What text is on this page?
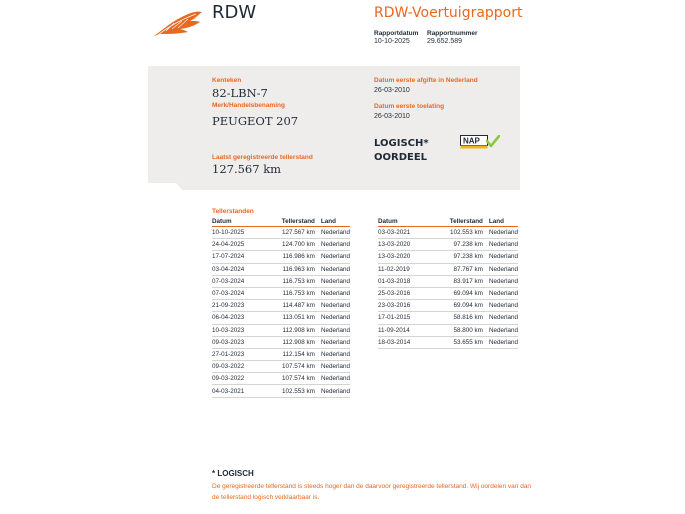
RDW	RDW-Voertuigrapport
Rapportdatum
10-10-2025
Rapportnummer
29.652.589
Kenteken
82-LBN-7
Merk/Handelsbenaming
PEUGEOT 207
Laatst geregistreerde tellerstand
127.567 km
Datum eerste afgifte in Nederland
26-03-2010
Datum eerste toelating
26-03-2010
LOGISCH*
OORDEEL
NAP
Tellerstanden
Datum	Tellerstand	Land
10-10-2025	127.567 km	Nederland
24-04-2025	124.700 km	Nederland
17-07-2024	116.986 km	Nederland
03-04-2024	116.963 km	Nederland
07-03-2024	116.753 km	Nederland
07-03-2024	116.753 km	Nederland
21-09-2023	114.487 km	Nederland
06-04-2023	113.051 km	Nederland
10-03-2023	112.908 km	Nederland
09-03-2023	112.908 km	Nederland
27-01-2023	112.154 km	Nederland
09-03-2022	107.574 km	Nederland
09-03-2022	107.574 km	Nederland
04-03-2021	102.553 km	Nederland
Datum	Tellerstand	Land
03-03-2021	102.553 km	Nederland
13-03-2020	97.238 km	Nederland
13-03-2020	97.238 km	Nederland
11-02-2019	87.767 km	Nederland
01-03-2018	83.917 km	Nederland
25-03-2016	69.094 km	Nederland
23-03-2016	69.094 km	Nederland
17-01-2015	58.816 km	Nederland
11-09-2014	58.800 km	Nederland
18-03-2014	53.655 km	Nederland
* LOGISCH
De geregistreerde tellerstand is steeds hoger dan de daarvoor geregistreerde tellerstand. Wij oordelen van dan de tellerstand logisch verklaarbaar is.
